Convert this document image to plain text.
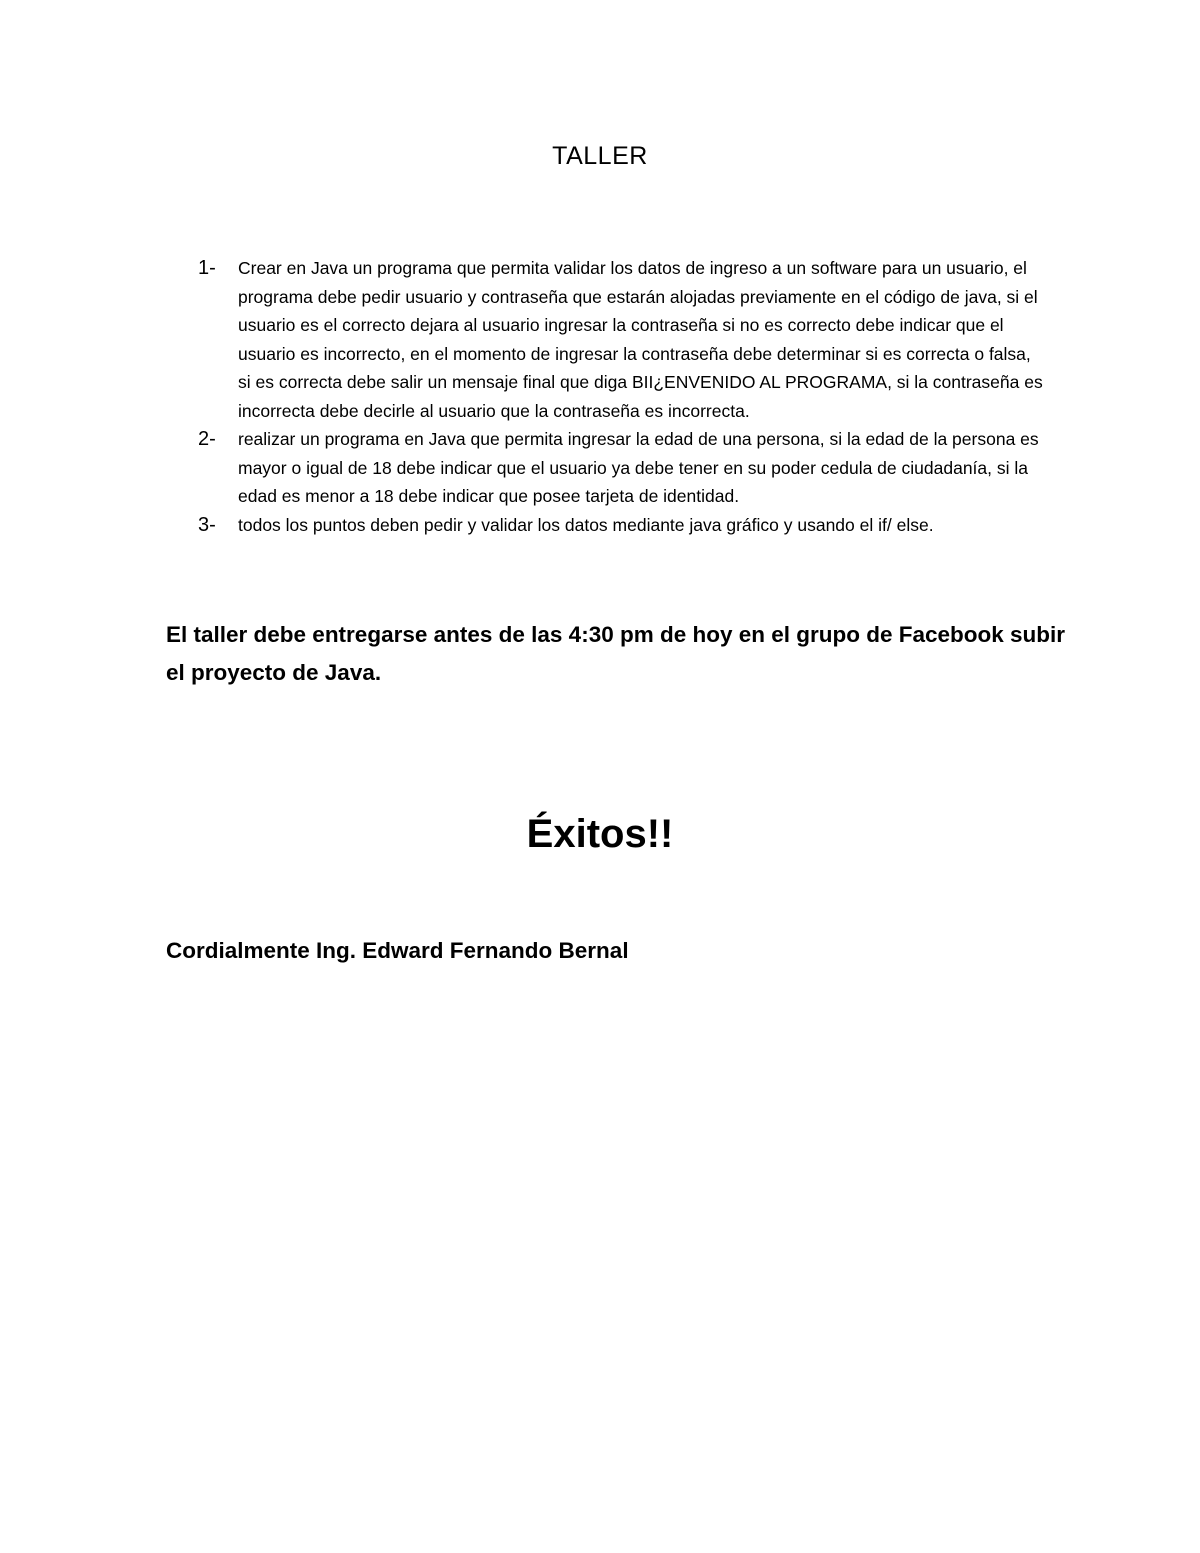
TALLER
1-	Crear en Java un programa que permita validar los datos de ingreso a un software para un usuario, el programa debe pedir usuario y contraseña que estarán alojadas previamente en el código de java, si el usuario es el correcto dejara al usuario ingresar la contraseña si no es correcto debe indicar que el usuario es incorrecto, en el momento de ingresar la contraseña debe determinar si es correcta o falsa, si es correcta debe salir un mensaje final que diga BII¿ENVENIDO AL PROGRAMA, si la contraseña es incorrecta debe decirle al usuario que la contraseña es incorrecta.
2-	realizar un programa en Java que permita ingresar la edad de una persona, si la edad de la persona es mayor o igual de 18 debe indicar que el usuario ya debe tener en su poder cedula de ciudadanía, si la edad es menor a 18 debe indicar que posee tarjeta de identidad.
3-	todos los puntos deben pedir y validar los datos mediante java gráfico y usando el if/ else.
El taller debe entregarse antes de las 4:30 pm de hoy en el grupo de Facebook subir el proyecto de Java.
Éxitos!!
Cordialmente Ing. Edward Fernando Bernal
